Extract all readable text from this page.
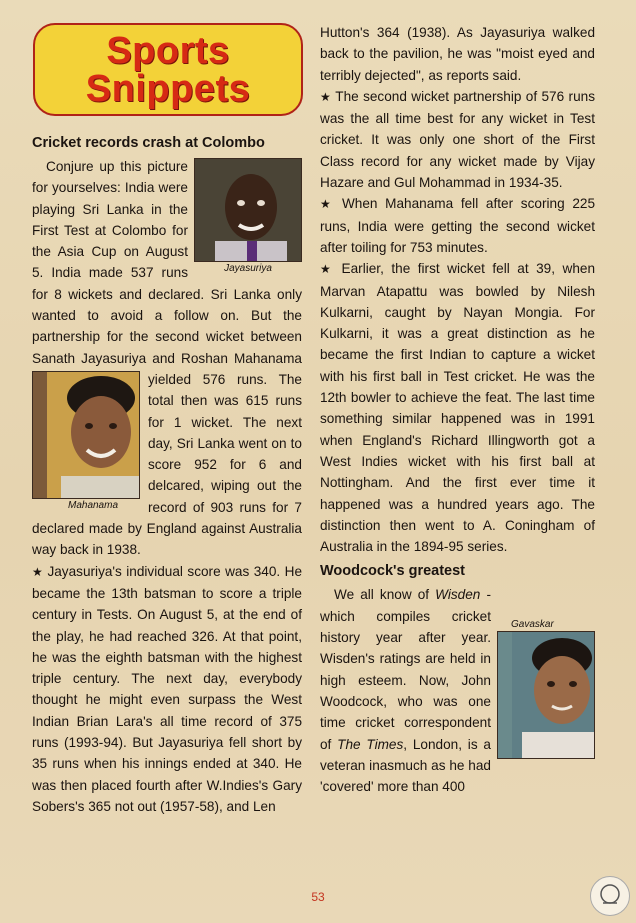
Sports
Snippets
Cricket records crash at Colombo
Jayasuriya

Conjure up this picture for yourselves: India were playing Sri Lanka in the First Test at Colombo for the Asia Cup on August 5. India made 537 runs for 8 wickets and declared. Sri Lanka only wanted to avoid a follow on. But the partnership for the second wicket between Sanath Jayasuriya and Roshan Mahanama
Mahanama
yielded 576 runs. The total then was 615 runs for 1 wicket. The next day, Sri Lanka went on to score 952 for 6 and delcared, wiping out the record of 903 runs for 7 declared made by England against Australia way back in 1938.

★ Jayasuriya's individual score was 340. He became the 13th batsman to score a triple century in Tests. On August 5, at the end of the play, he had reached 326. At that point, he was the eighth batsman with the highest triple century. The next day, everybody thought he might even surpass the West Indian Brian Lara's all time record of 375 runs (1993-94). But Jayasuriya fell short by 35 runs when his innings ended at 340. He was then placed fourth after W.Indies's Gary Sobers's 365 not out (1957-58), and Len

Hutton's 364 (1938). As Jayasuriya walked back to the pavilion, he was "moist eyed and terribly dejected", as reports said.

★ The second wicket partnership of 576 runs was the all time best for any wicket in Test cricket. It was only one short of the First Class record for any wicket made by Vijay Hazare and Gul Mohammad in 1934-35.

★ When Mahanama fell after scoring 225 runs, India were getting the second wicket after toiling for 753 minutes.

★ Earlier, the first wicket fell at 39, when Marvan Atapattu was bowled by Nilesh Kulkarni, caught by Nayan Mongia. For Kulkarni, it was a great distinction as he became the first Indian to capture a wicket with his first ball in Test cricket. He was the 12th bowler to achieve the feat. The last time something similar happened was in 1991 when England's Richard Illingworth got a West Indies wicket with his first ball at Nottingham. And the first ever time it happened was a hundred years ago. The distinction then went to A. Coningham of Australia in the 1894-95 series.

Woodcock's greatest

Gavaskar
We all know of Wisden - which compiles cricket history year after year. Wisden's ratings are held in high esteem. Now, John Woodcock, who was one time cricket correspondent of The Times, London, is a veteran inasmuch as he had 'covered' more than 400

53
